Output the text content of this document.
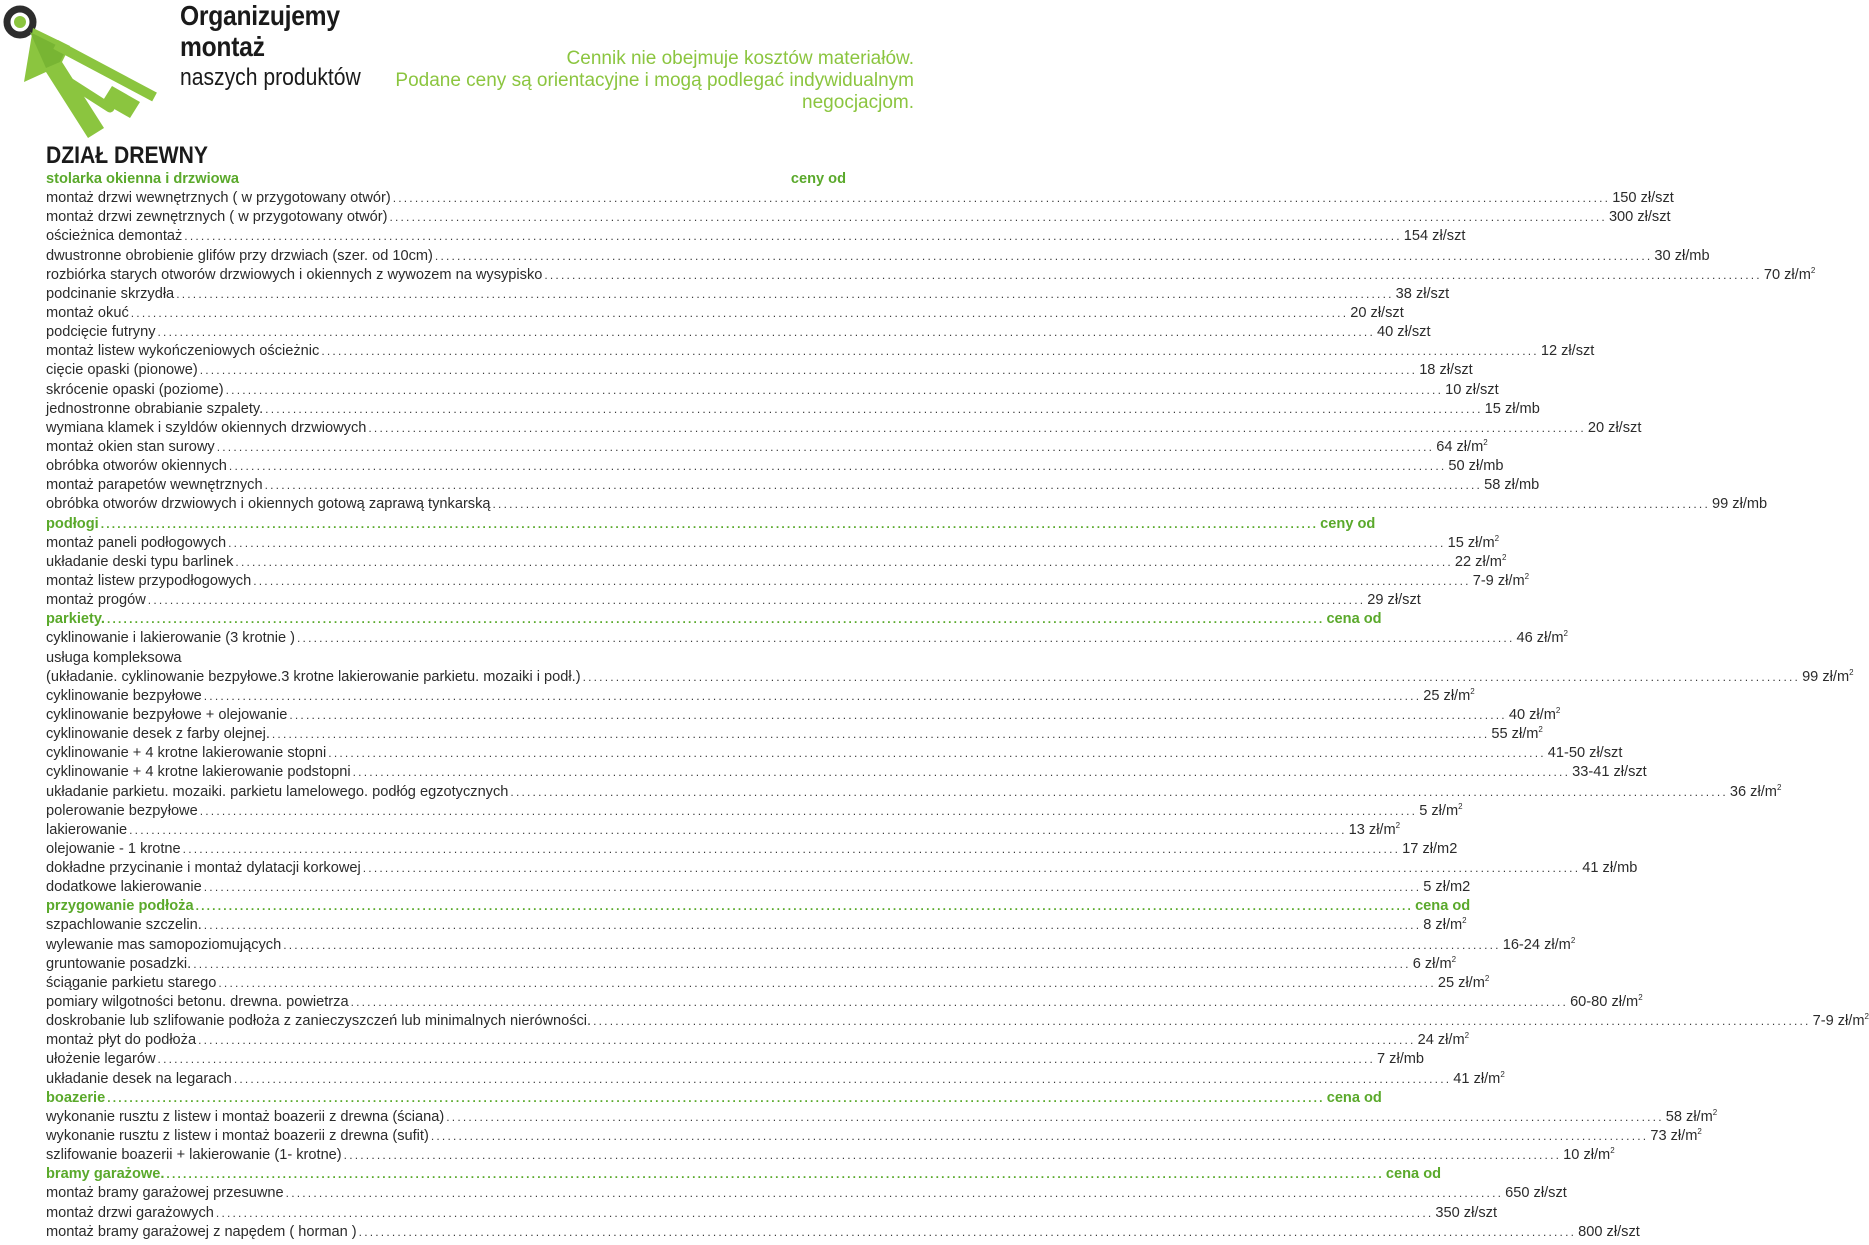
Organizujemy
montaż
naszych produktów
Cennik nie obejmuje kosztów materiałów.
Podane ceny są orientacyjne i mogą podlegać indywidualnym
negocjacjom.
DZIAŁ DREWNY
stolarka okienna i drzwiowa	ceny od
montaż drzwi wewnętrznych ( w przygotowany otwór) ............................................................................................................................................................................................................................ 150 zł/szt
montaż drzwi zewnętrznych ( w przygotowany otwór) ............................................................................................................................................................................................................................ 300 zł/szt
ościeżnica demontaż ............................................................................................................................................................................................................................ 154 zł/szt
dwustronne obrobienie glifów przy drzwiach (szer. od 10cm) ............................................................................................................................................................................................................................ 30 zł/mb
rozbiórka starych otworów drzwiowych i okiennych z wywozem na wysypisko ............................................................................................................................................................................................................................ 70 $zł/m^2$
podcinanie skrzydła ............................................................................................................................................................................................................................ 38 zł/szt
montaż okuć ............................................................................................................................................................................................................................ 20 zł/szt
podcięcie futryny ............................................................................................................................................................................................................................ 40 zł/szt
montaż listew wykończeniowych ościeżnic ............................................................................................................................................................................................................................ 12 zł/szt
cięcie opaski (pionowe) ............................................................................................................................................................................................................................ 18 zł/szt
skrócenie opaski (poziome) ............................................................................................................................................................................................................................ 10 zł/szt
jednostronne obrabianie szpalety. ............................................................................................................................................................................................................................ 15 zł/mb
wymiana klamek i szyldów okiennych drzwiowych ............................................................................................................................................................................................................................ 20 zł/szt
montaż okien stan surowy ............................................................................................................................................................................................................................ 64 $zł/m^2$
obróbka otworów okiennych ............................................................................................................................................................................................................................ 50 zł/mb
montaż parapetów wewnętrznych ............................................................................................................................................................................................................................ 58 zł/mb
obróbka otworów drzwiowych i okiennych gotową zaprawą tynkarską ............................................................................................................................................................................................................................ 99 zł/mb
podłogi ............................................................................................................................................................................................................................ ceny od
montaż paneli podłogowych ............................................................................................................................................................................................................................ 15 $zł/m^2$
układanie deski typu barlinek ............................................................................................................................................................................................................................ 22 $zł/m^2$
montaż listew przypodłogowych ............................................................................................................................................................................................................................ 7-9 $zł/m^2$
montaż progów ............................................................................................................................................................................................................................ 29 zł/szt
parkiety. ............................................................................................................................................................................................................................ cena od
cyklinowanie i lakierowanie (3 krotnie ) ............................................................................................................................................................................................................................ 46 $zł/m^2$
usługa kompleksowa
(układanie. cyklinowanie bezpyłowe.3 krotne lakierowanie parkietu. mozaiki i podł.) ............................................................................................................................................................................................................................ 99 $zł/m^2$
cyklinowanie bezpyłowe ............................................................................................................................................................................................................................ 25 $zł/m^2$
cyklinowanie bezpyłowe + olejowanie ............................................................................................................................................................................................................................ 40 $zł/m^2$
cyklinowanie desek z farby olejnej. ............................................................................................................................................................................................................................ 55 $zł/m^2$
cyklinowanie + 4 krotne lakierowanie stopni ............................................................................................................................................................................................................................ 41-50 zł/szt
cyklinowanie + 4 krotne lakierowanie podstopni ............................................................................................................................................................................................................................ 33-41 zł/szt
układanie parkietu. mozaiki. parkietu lamelowego. podłóg egzotycznych ............................................................................................................................................................................................................................ 36 $zł/m^2$
polerowanie bezpyłowe ............................................................................................................................................................................................................................ 5 $zł/m^2$
lakierowanie ............................................................................................................................................................................................................................ 13 $zł/m^2$
olejowanie - 1 krotne ............................................................................................................................................................................................................................ 17 zł/m2
dokładne przycinanie i montaż dylatacji korkowej ............................................................................................................................................................................................................................ 41 zł/mb
dodatkowe lakierowanie ............................................................................................................................................................................................................................ 5 zł/m2
przygowanie podłoża ............................................................................................................................................................................................................................ cena od
szpachlowanie szczelin. ............................................................................................................................................................................................................................ 8 $zł/m^2$
wylewanie mas samopoziomujących ............................................................................................................................................................................................................................ 16-24 $zł/m^2$
gruntowanie posadzki. ............................................................................................................................................................................................................................ 6 $zł/m^2$
ściąganie parkietu starego ............................................................................................................................................................................................................................ 25 $zł/m^2$
pomiary wilgotności betonu. drewna. powietrza ............................................................................................................................................................................................................................ 60-80 $zł/m^2$
doskrobanie lub szlifowanie podłoża z zanieczyszczeń lub minimalnych nierówności. ............................................................................................................................................................................................................................ 7-9 $zł/m^2$
montaż płyt do podłoża ............................................................................................................................................................................................................................ 24 $zł/m^2$
ułożenie legarów ............................................................................................................................................................................................................................ 7 zł/mb
układanie desek na legarach ............................................................................................................................................................................................................................ 41 $zł/m^2$
boazerie ............................................................................................................................................................................................................................ cena od
wykonanie rusztu z listew i montaż boazerii z drewna (ściana) ............................................................................................................................................................................................................................ 58 $zł/m^2$
wykonanie rusztu z listew i montaż boazerii z drewna (sufit) ............................................................................................................................................................................................................................ 73 $zł/m^2$
szlifowanie boazerii + lakierowanie (1- krotne) ............................................................................................................................................................................................................................ 10 $zł/m^2$
bramy garażowe. ............................................................................................................................................................................................................................ cena od
montaż bramy garażowej przesuwne ............................................................................................................................................................................................................................ 650 zł/szt
montaż drzwi garażowych ............................................................................................................................................................................................................................ 350 zł/szt
montaż bramy garażowej z napędem ( horman ) ............................................................................................................................................................................................................................ 800 zł/szt
